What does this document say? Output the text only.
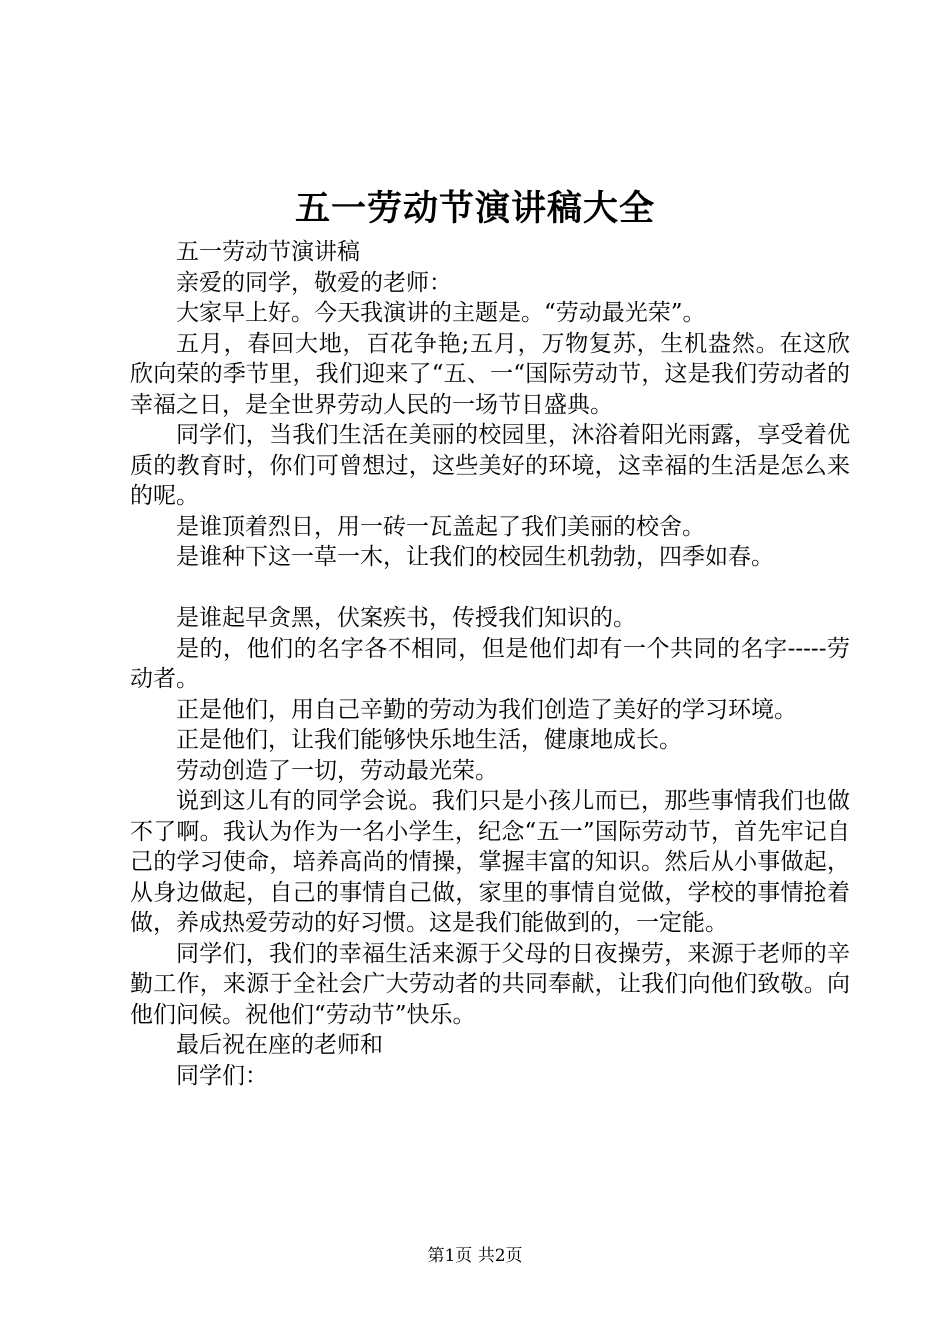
五一劳动节演讲稿大全

五一劳动节演讲稿

亲爱的同学，敬爱的老师：

大家早上好。今天我演讲的主题是。“劳动最光荣”。

五月，春回大地，百花争艳;五月，万物复苏，生机盎然。在这欣欣向荣的季节里，我们迎来了“五、一“国际劳动节，这是我们劳动者的幸福之日，是全世界劳动人民的一场节日盛典。

同学们，当我们生活在美丽的校园里，沐浴着阳光雨露，享受着优质的教育时，你们可曾想过，这些美好的环境，这幸福的生活是怎么来的呢。

是谁顶着烈日，用一砖一瓦盖起了我们美丽的校舍。

是谁种下这一草一木，让我们的校园生机勃勃，四季如春。

是谁起早贪黑，伏案疾书，传授我们知识的。

是的，他们的名字各不相同，但是他们却有一个共同的名字-----劳动者。

正是他们，用自己辛勤的劳动为我们创造了美好的学习环境。

正是他们，让我们能够快乐地生活，健康地成长。

劳动创造了一切，劳动最光荣。

说到这儿有的同学会说。我们只是小孩儿而已，那些事情我们也做不了啊。我认为作为一名小学生，纪念“五一”国际劳动节，首先牢记自己的学习使命，培养高尚的情操，掌握丰富的知识。然后从小事做起，从身边做起，自己的事情自己做，家里的事情自觉做，学校的事情抢着做，养成热爱劳动的好习惯。这是我们能做到的，一定能。

同学们，我们的幸福生活来源于父母的日夜操劳，来源于老师的辛勤工作，来源于全社会广大劳动者的共同奉献，让我们向他们致敬。向他们问候。祝他们“劳动节”快乐。

最后祝在座的老师和

同学们：

第1页 共2页
